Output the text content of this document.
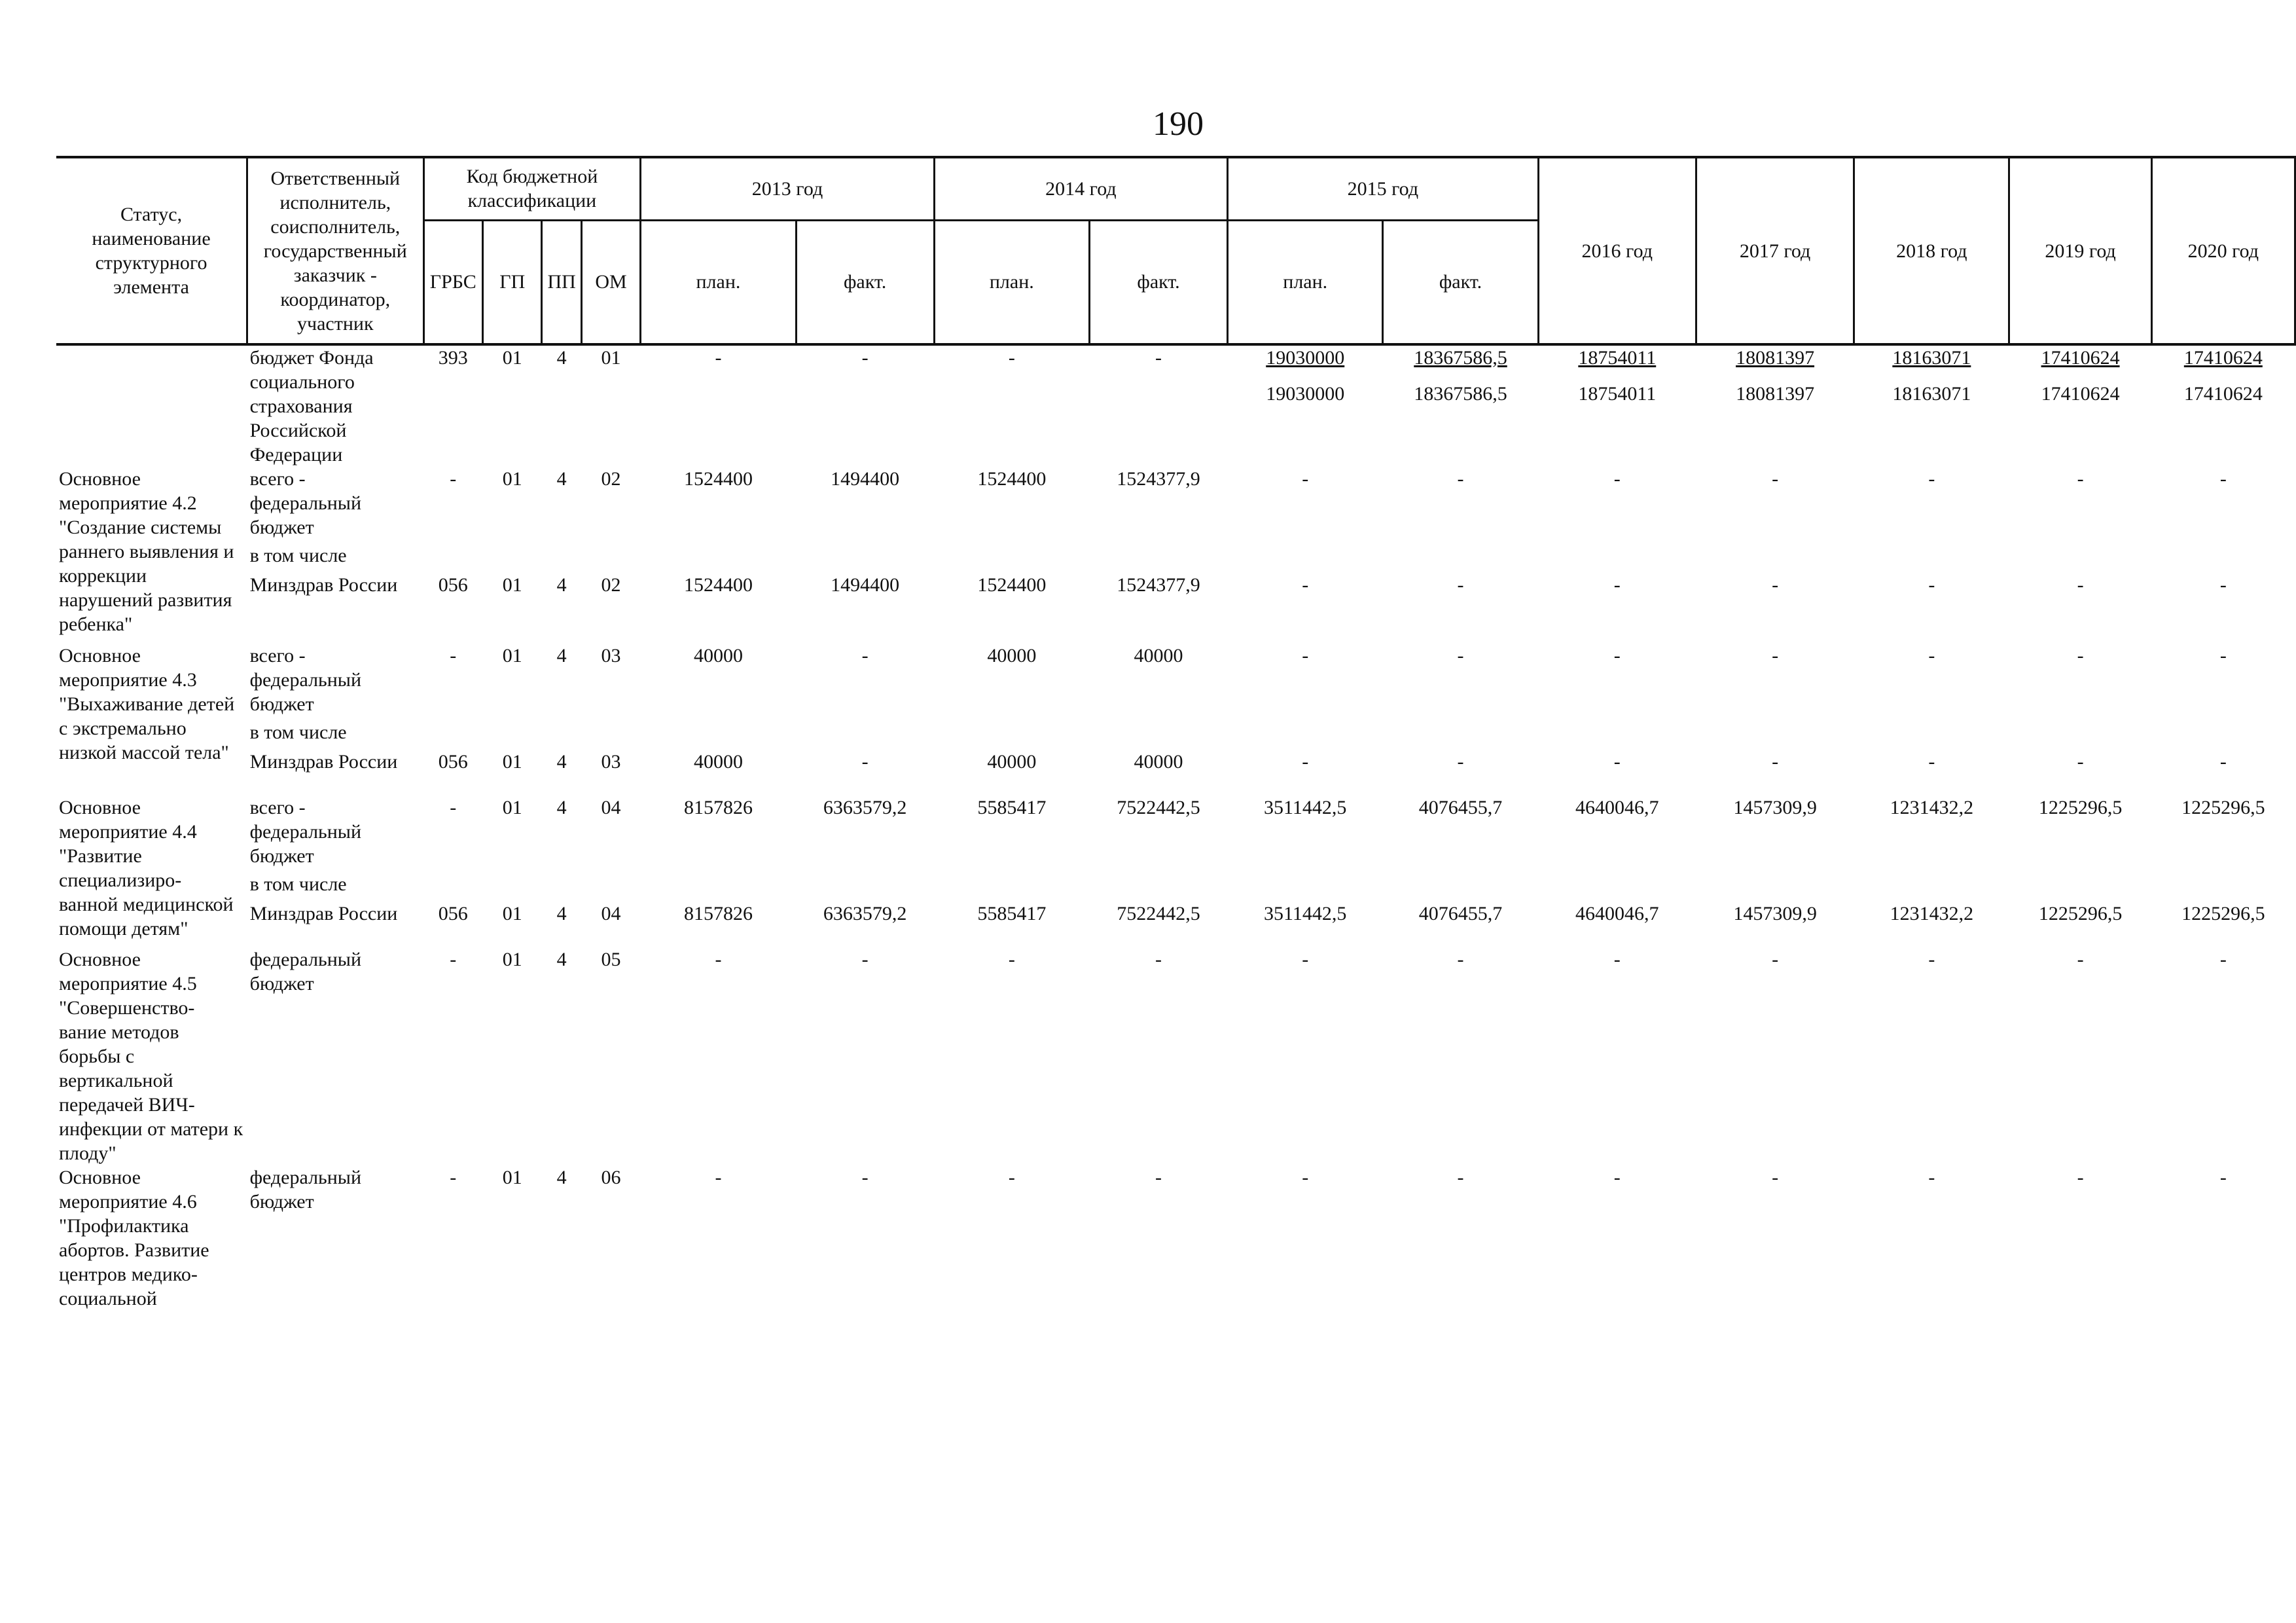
190
Статус, наименование структурного элемента	Ответственный исполнитель, соисполнитель, государственный заказчик - координатор, участник	Код бюджетной классификации				2013 год		2014 год		2015 год		2016 год	2017 год	2018 год	2019 год	2020 год
		ГРБС	ГП	ПП	ОМ	план.	факт.	план.	факт.	план.	факт.					
	бюджет Фонда социального страхования Российской Федерации	393	01	4	01	-	-	-	-	19030000	18367586,5	18754011	18081397	18163071	17410624	17410624
										19030000	18367586,5	18754011	18081397	18163071	17410624	17410624
Основное мероприятие 4.2 "Создание системы раннего выявления и коррекции нарушений развития ребенка"	всего - федеральный бюджет	-	01	4	02	1524400	1494400	1524400	1524377,9	-	-	-	-	-	-	-
	в том числе															
	Минздрав России	056	01	4	02	1524400	1494400	1524400	1524377,9	-	-	-	-	-	-	-
Основное мероприятие 4.3 "Выхаживание детей с экстремально низкой массой тела"	всего - федеральный бюджет	-	01	4	03	40000	-	40000	40000	-	-	-	-	-	-	-
	в том числе															
	Минздрав России	056	01	4	03	40000	-	40000	40000	-	-	-	-	-	-	-
Основное мероприятие 4.4 "Развитие специализиро- ванной медицинской помощи детям"	всего - федеральный бюджет	-	01	4	04	8157826	6363579,2	5585417	7522442,5	3511442,5	4076455,7	4640046,7	1457309,9	1231432,2	1225296,5	1225296,5
	в том числе															
	Минздрав России	056	01	4	04	8157826	6363579,2	5585417	7522442,5	3511442,5	4076455,7	4640046,7	1457309,9	1231432,2	1225296,5	1225296,5
Основное мероприятие 4.5 "Совершенство- вание методов борьбы с вертикальной передачей ВИЧ- инфекции от матери к плоду"	федеральный бюджет	-	01	4	05	-	-	-	-	-	-	-	-	-	-	-
Основное мероприятие 4.6 "Профилактика абортов. Развитие центров медико- социальной	федеральный бюджет	-	01	4	06	-	-	-	-	-	-	-	-	-	-	-
